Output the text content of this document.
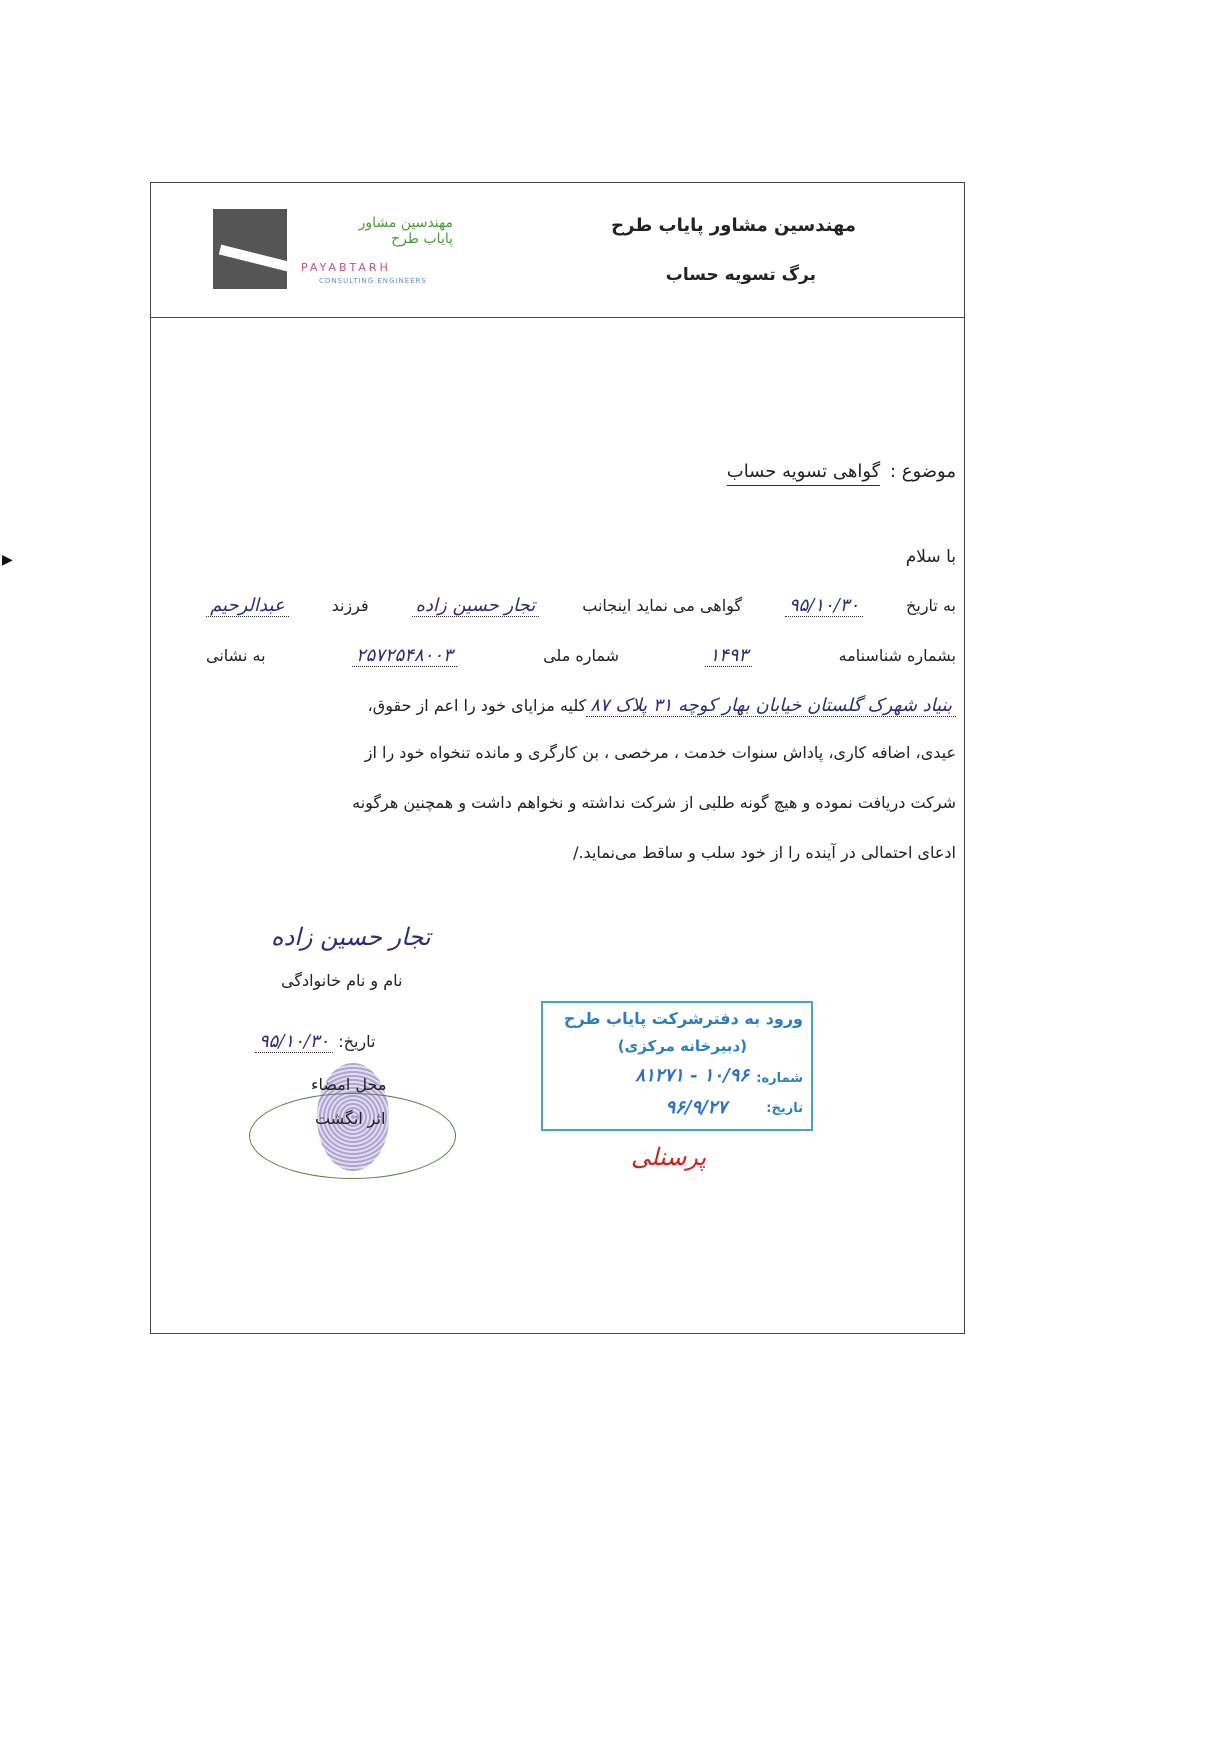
▶
مهندسین مشاور پایاب طرح
برگ تسویه حساب
مهندسین مشاور پایاب طرح
PAYABTARH
CONSULTING ENGINEERS
موضوع : گواهی تسویه حساب
با سلام
به تاریخ
۹۵/۱۰/۳۰
گواهی می نماید اینجانب
تجار حسین زاده
فرزند
عبدالرحیم
بشماره شناسنامه
۱۴۹۳
شماره ملی
۲۵۷۲۵۴۸۰۰۳
به نشانی
بنیاد شهرک گلستان خیابان بهار کوچه ۳۱ پلاک ۸۷
کلیه مزایای خود را اعم از حقوق،
عیدی، اضافه کاری، پاداش سنوات خدمت ، مرخصی ، بن کارگری و مانده تنخواه خود را از
شرکت دریافت نموده و هیچ گونه طلبی از شرکت نداشته و نخواهم داشت و همچنین هرگونه
ادعای احتمالی در آینده را از خود سلب و ساقط می‌نماید./
تجار حسین زاده
نام و نام خانوادگی
تاریخ: ۹۵/۱۰/۳۰
محل امضاء
اثر انگشت
ورود به دفترشرکت پایاب طرح
(دبیرخانه مرکزی)
شماره:
۸۱۲۷۱ - ۱۰/۹۶
تاریخ:
۹۶/۹/۲۷
پرسنلی
